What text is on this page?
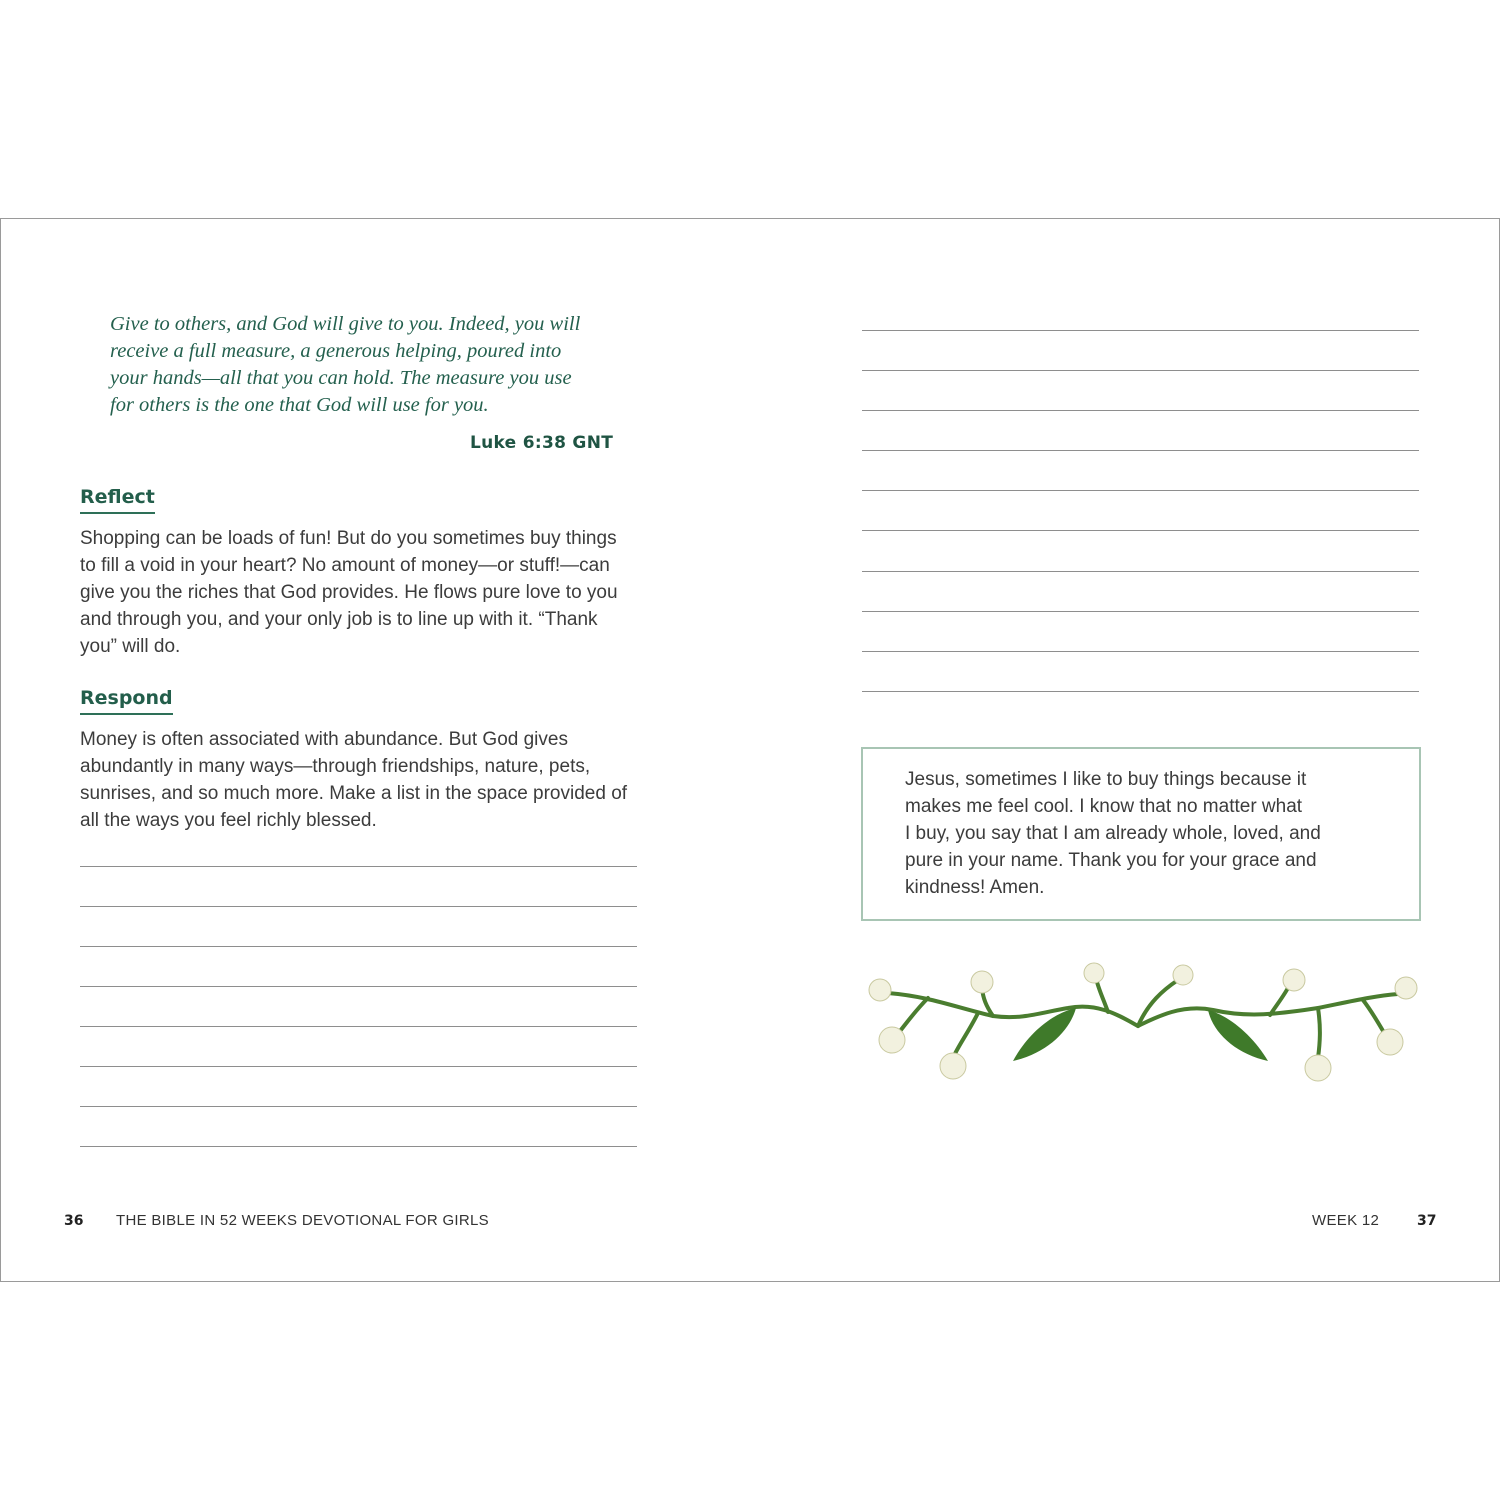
Give to others, and God will give to you. Indeed, you will
receive a full measure, a generous helping, poured into
your hands—all that you can hold. The measure you use
for others is the one that God will use for you.
Luke 6:38 GNT
Reflect
Shopping can be loads of fun! But do you sometimes buy things
to fill a void in your heart? No amount of money—or stuff!—can
give you the riches that God provides. He flows pure love to you
and through you, and your only job is to line up with it. “Thank
you” will do.
Respond
Money is often associated with abundance. But God gives
abundantly in many ways—through friendships, nature, pets,
sunrises, and so much more. Make a list in the space provided of
all the ways you feel richly blessed.
36 THE BIBLE IN 52 WEEKS DEVOTIONAL FOR GIRLS
Jesus, sometimes I like to buy things because it
makes me feel cool. I know that no matter what
I buy, you say that I am already whole, loved, and
pure in your name. Thank you for your grace and
kindness! Amen.
WEEK 12	37
